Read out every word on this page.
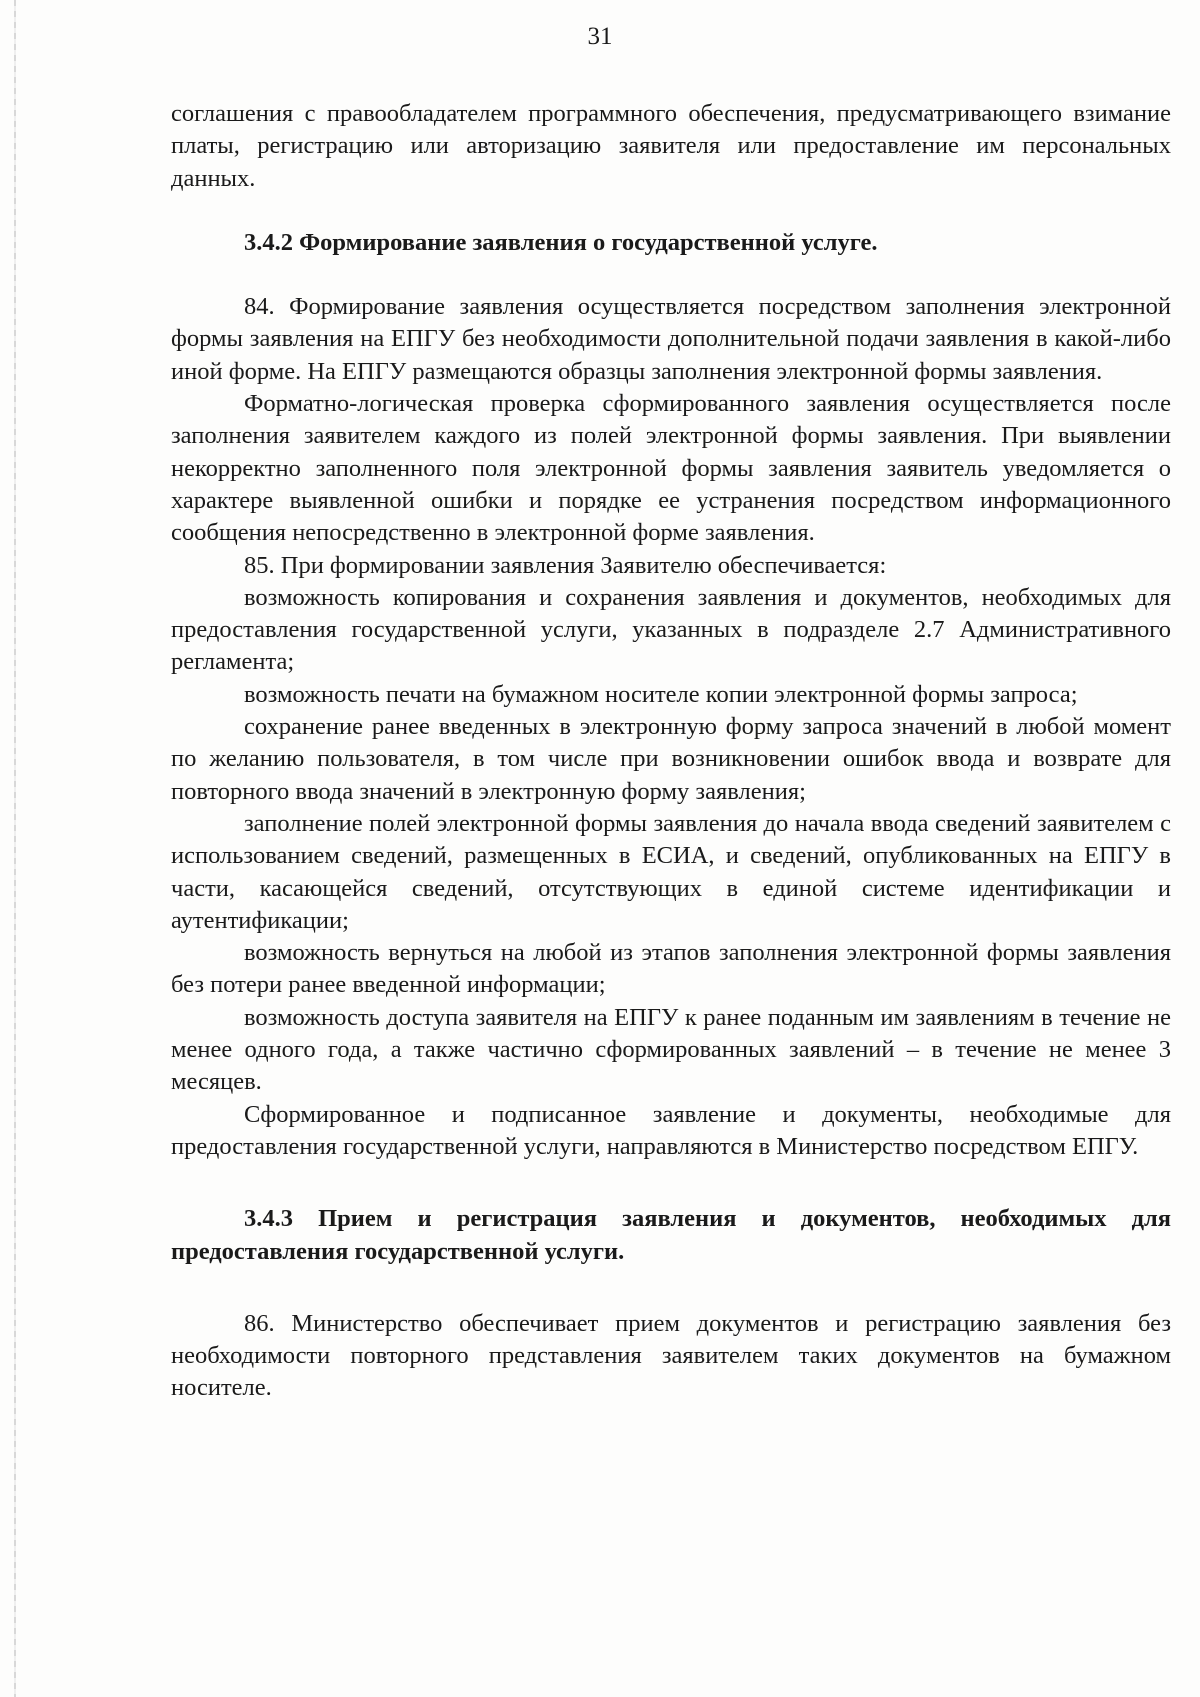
31

соглашения с правообладателем программного обеспечения, предусматривающего взимание платы, регистрацию или авторизацию заявителя или предоставление им персональных данных.

3.4.2 Формирование заявления о государственной услуге.

84. Формирование заявления осуществляется посредством заполнения электронной формы заявления на ЕПГУ без необходимости дополнительной подачи заявления в какой-либо иной форме. На ЕПГУ размещаются образцы заполнения электронной формы заявления.

Форматно-логическая проверка сформированного заявления осуществляется после заполнения заявителем каждого из полей электронной формы заявления. При выявлении некорректно заполненного поля электронной формы заявления заявитель уведомляется о характере выявленной ошибки и порядке ее устранения посредством информационного сообщения непосредственно в электронной форме заявления.

85. При формировании заявления Заявителю обеспечивается:

возможность копирования и сохранения заявления и документов, необходимых для предоставления государственной услуги, указанных в подразделе 2.7 Административного регламента;

возможность печати на бумажном носителе копии электронной формы запроса;

сохранение ранее введенных в электронную форму запроса значений в любой момент по желанию пользователя, в том числе при возникновении ошибок ввода и возврате для повторного ввода значений в электронную форму заявления;

заполнение полей электронной формы заявления до начала ввода сведений заявителем с использованием сведений, размещенных в ЕСИА, и сведений, опубликованных на ЕПГУ в части, касающейся сведений, отсутствующих в единой системе идентификации и аутентификации;

возможность вернуться на любой из этапов заполнения электронной формы заявления без потери ранее введенной информации;

возможность доступа заявителя на ЕПГУ к ранее поданным им заявлениям в течение не менее одного года, а также частично сформированных заявлений – в течение не менее 3 месяцев.

Сформированное и подписанное заявление и документы, необходимые для предоставления государственной услуги, направляются в Министерство посредством ЕПГУ.

3.4.3 Прием и регистрация заявления и документов, необходимых для предоставления государственной услуги.

86. Министерство обеспечивает прием документов и регистрацию заявления без необходимости повторного представления заявителем таких документов на бумажном носителе.
